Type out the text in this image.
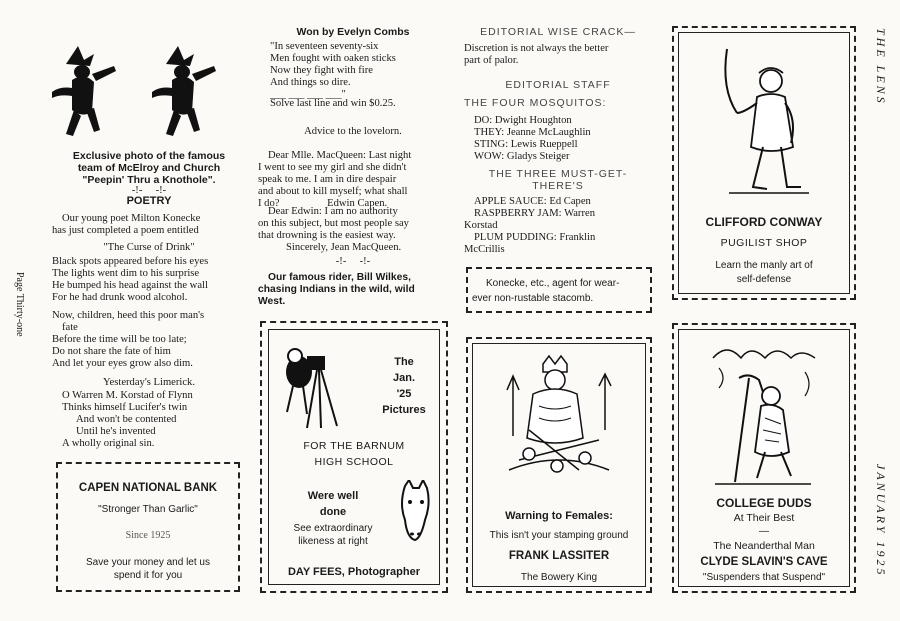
Page Thirty-one
THE LENS
JANUARY 1925
Exclusive photo of the famous
team of McElroy and Church
"Peepin' Thru a Knothole".
-!-     -!-
POETRY
Our young poet Milton Konecke
has just completed a poem entitled
"The Curse of Drink"
Black spots appeared before his eyes
The lights went dim to his surprise
He bumped his head against the wall
For he had drunk wood alcohol.
Now, children, heed this poor man's
fate
Before the time will be too late;
Do not share the fate of him
And let your eyes grow also dim.
Yesterday's Limerick.
O Warren M. Korstad of Flynn
Thinks himself Lucifer's twin
And won't be contented
Until he's invented
A wholly original sin.
CAPEN NATIONAL BANK
"Stronger Than Garlic"
Since 1925
Save your money and let us
spend it for you
Won by Evelyn Combs
"In seventeen seventy-six
Men fought with oaken sticks
Now they fight with fire
And things so dire.
___ ___ ___ ___"
Solve last line and win $0.25.
Advice to the lovelorn.
Dear Mlle. MacQueen: Last night
I went to see my girl and she didn't
speak to me. I am in dire despair
and about to kill myself; what shall
I do?                  Edwin Capen.
Dear Edwin: I am no authority
on this subject, but most people say
that drowning is the easiest way.
Sincerely, Jean MacQueen.
-!-     -!-
Our famous rider, Bill Wilkes,
chasing Indians in the wild, wild
West.
The
Jan.
'25
Pictures
FOR THE BARNUM
HIGH SCHOOL
Were well
done
See extraordinary
likeness at right
DAY FEES, Photographer
EDITORIAL WISE CRACK—
Discretion is not always the better
part of palor.
EDITORIAL STAFF
THE FOUR MOSQUITOS:
DO: Dwight Houghton
THEY: Jeanne McLaughlin
STING: Lewis Rueppell
WOW: Gladys Steiger
THE THREE MUST-GET-
THERE'S
APPLE SAUCE: Ed Capen
RASPBERRY JAM: Warren
Korstad
PLUM PUDDING: Franklin
McCrillis
Konecke, etc., agent for wear-
ever non-rustable stacomb.
Warning to Females:
This isn't your stamping ground
FRANK LASSITER
The Bowery King
CLIFFORD CONWAY
PUGILIST SHOP
Learn the manly art of
self-defense
COLLEGE DUDS
At Their Best
—
The Neanderthal Man
CLYDE SLAVIN'S CAVE
"Suspenders that Suspend"
